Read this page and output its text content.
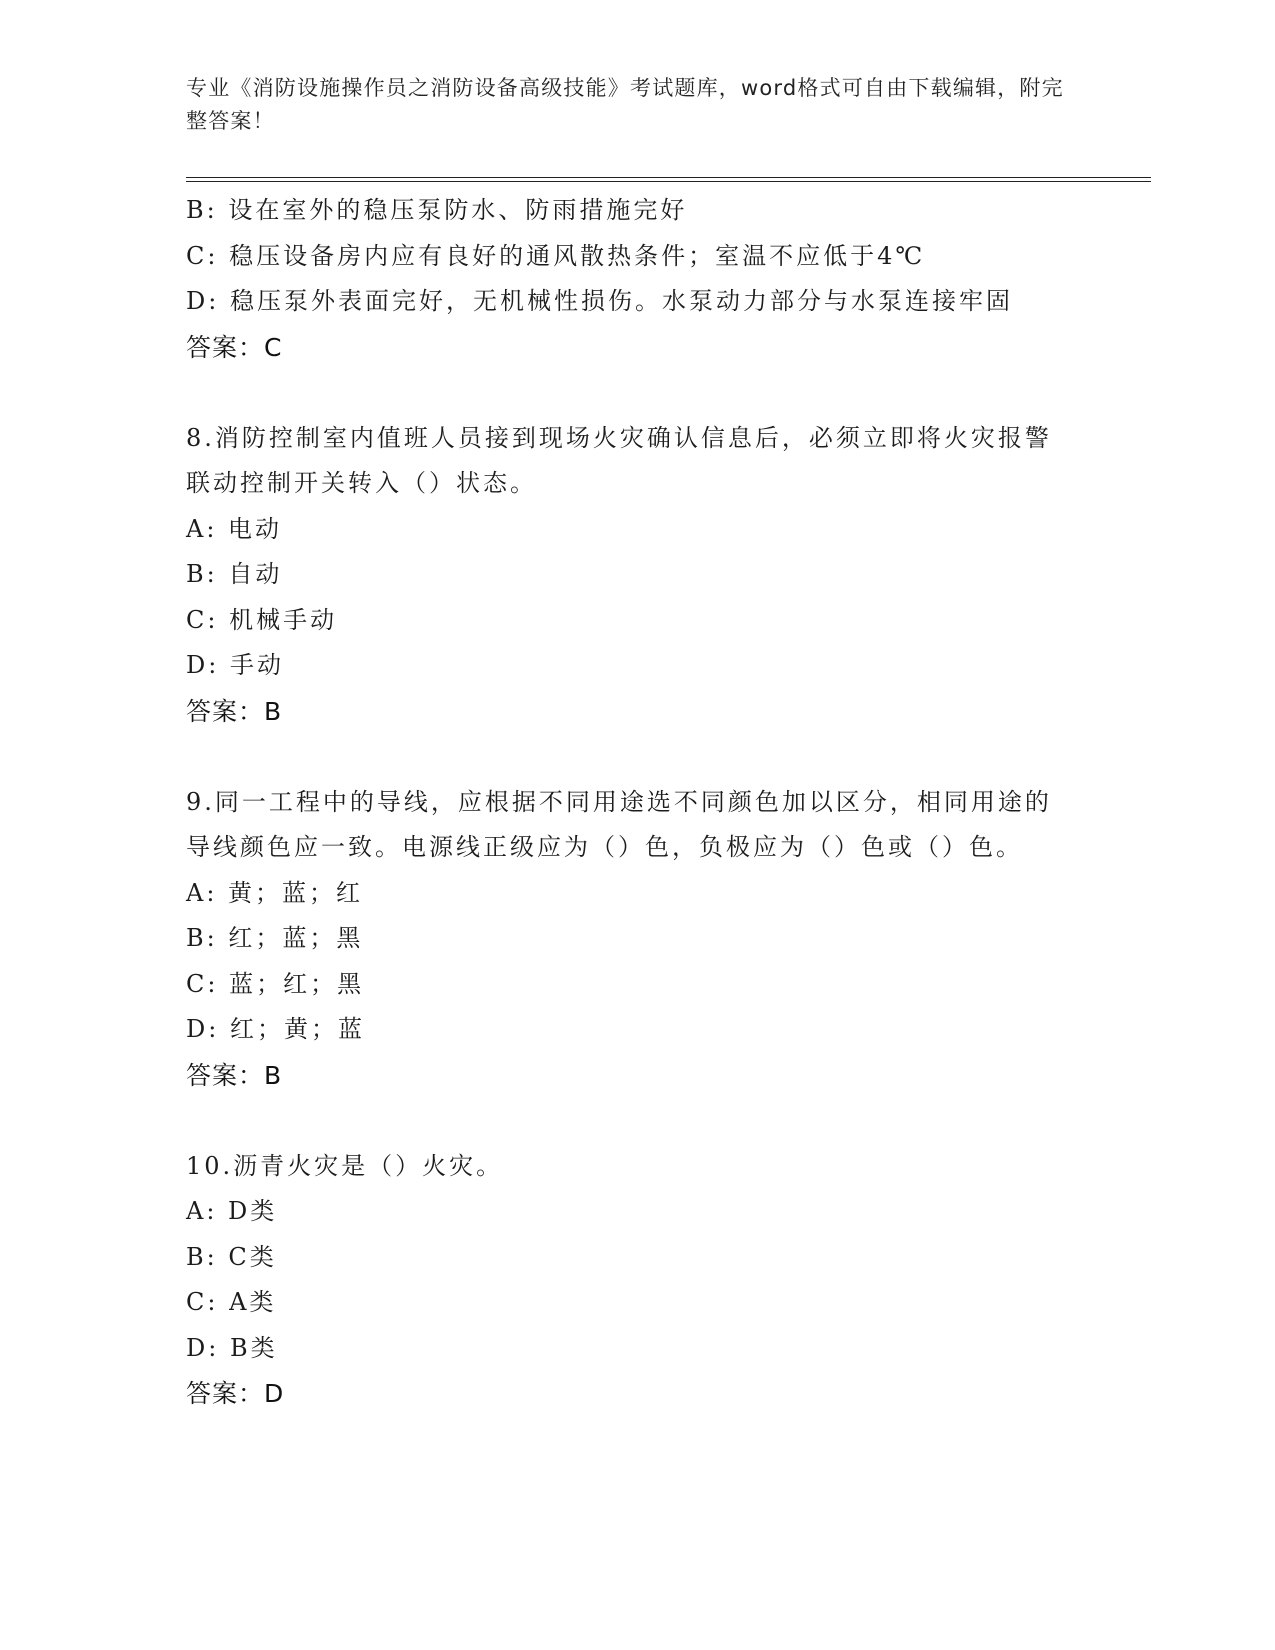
专业《消防设施操作员之消防设备高级技能》考试题库，word格式可自由下载编辑，附完整答案！
B: 设在室外的稳压泵防水、防雨措施完好
C: 稳压设备房内应有良好的通风散热条件；室温不应低于4℃
D: 稳压泵外表面完好，无机械性损伤。水泵动力部分与水泵连接牢固
答案：C
8.消防控制室内值班人员接到现场火灾确认信息后，必须立即将火灾报警联动控制开关转入（）状态。
A: 电动
B: 自动
C: 机械手动
D: 手动
答案：B
9.同一工程中的导线，应根据不同用途选不同颜色加以区分，相同用途的导线颜色应一致。电源线正级应为（）色，负极应为（）色或（）色。
A: 黄；蓝；红
B: 红；蓝；黑
C: 蓝；红；黑
D: 红；黄；蓝
答案：B
10.沥青火灾是（）火灾。
A: D类
B: C类
C: A类
D: B类
答案：D
